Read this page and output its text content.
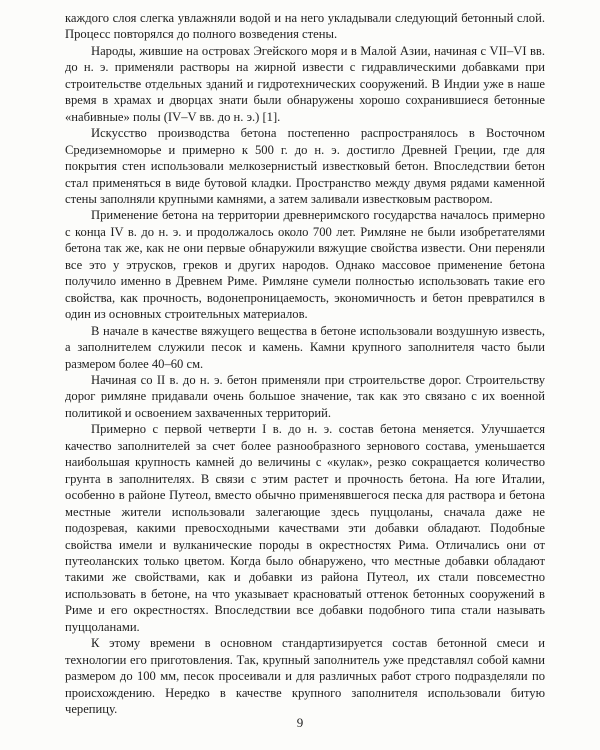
каждого слоя слегка увлажняли водой и на него укладывали следующий бетонный слой. Процесс повторялся до полного возведения стены.

Народы, жившие на островах Эгейского моря и в Малой Азии, начиная с VII–VI вв. до н. э. применяли растворы на жирной извести с гидравлическими добавками при строительстве отдельных зданий и гидротехнических сооружений. В Индии уже в наше время в храмах и дворцах знати были обнаружены хорошо сохранившиеся бетонные «набивные» полы (IV–V вв. до н. э.) [1].

Искусство производства бетона постепенно распространялось в Восточном Средиземноморье и примерно к 500 г. до н. э. достигло Древней Греции, где для покрытия стен использовали мелкозернистый известковый бетон. Впоследствии бетон стал применяться в виде бутовой кладки. Пространство между двумя рядами каменной стены заполняли крупными камнями, а затем заливали известковым раствором.

Применение бетона на территории древнеримского государства началось примерно с конца IV в. до н. э. и продолжалось около 700 лет. Римляне не были изобретателями бетона так же, как не они первые обнаружили вяжущие свойства извести. Они переняли все это у этрусков, греков и других народов. Однако массовое применение бетона получило именно в Древнем Риме. Римляне сумели полностью использовать такие его свойства, как прочность, водонепроницаемость, экономичность и бетон превратился в один из основных строительных материалов.

В начале в качестве вяжущего вещества в бетоне использовали воздушную известь, а заполнителем служили песок и камень. Камни крупного заполнителя часто были размером более 40–60 см.

Начиная со II в. до н. э. бетон применяли при строительстве дорог. Строительству дорог римляне придавали очень большое значение, так как это связано с их военной политикой и освоением захваченных территорий.

Примерно с первой четверти I в. до н. э. состав бетона меняется. Улучшается качество заполнителей за счет более разнообразного зернового состава, уменьшается наибольшая крупность камней до величины с «кулак», резко сокращается количество грунта в заполнителях. В связи с этим растет и прочность бетона. На юге Италии, особенно в районе Путеол, вместо обычно применявшегося песка для раствора и бетона местные жители использовали залегающие здесь пуццоланы, сначала даже не подозревая, какими превосходными качествами эти добавки обладают. Подобные свойства имели и вулканические породы в окрестностях Рима. Отличались они от путеоланских только цветом. Когда было обнаружено, что местные добавки обладают такими же свойствами, как и добавки из района Путеол, их стали повсеместно использовать в бетоне, на что указывает красноватый оттенок бетонных сооружений в Риме и его окрестностях. Впоследствии все добавки подобного типа стали называть пуццоланами.

К этому времени в основном стандартизируется состав бетонной смеси и технологии его приготовления. Так, крупный заполнитель уже представлял собой камни размером до 100 мм, песок просеивали и для различных работ строго подразделяли по происхождению. Нередко в качестве крупного заполнителя использовали битую черепицу.

9
